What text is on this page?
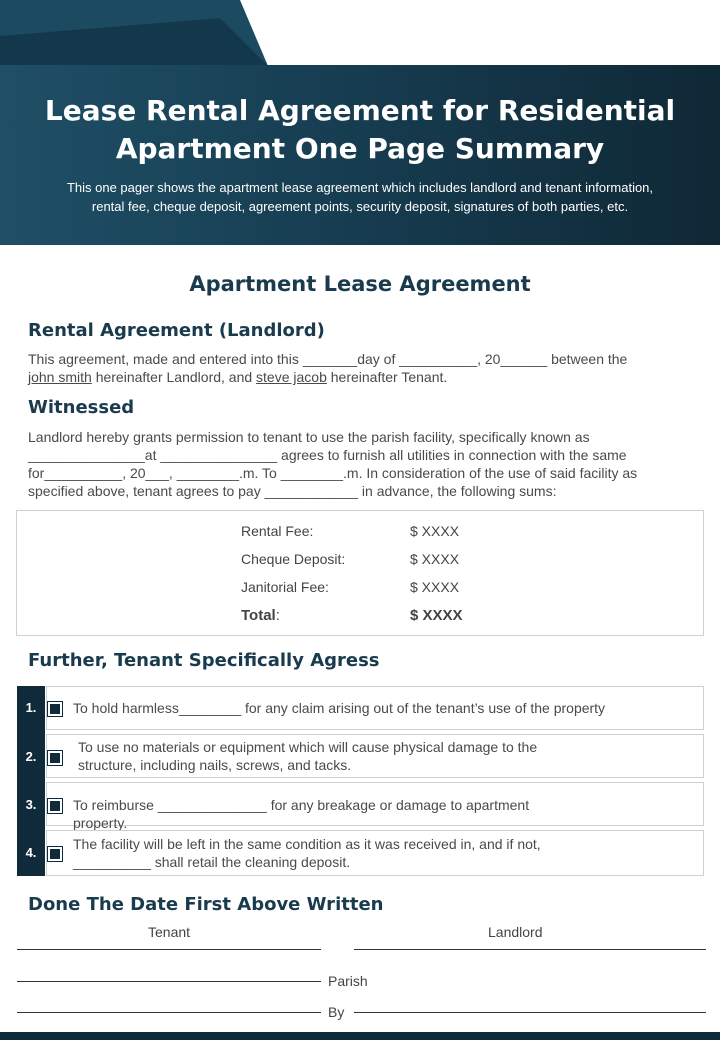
Lease Rental Agreement for Residential
Apartment One Page Summary
This one pager shows the apartment lease agreement which includes landlord and tenant information,
rental fee, cheque deposit, agreement points, security deposit, signatures of both parties, etc.
Apartment Lease Agreement
Rental Agreement (Landlord)
This agreement, made and entered into this _______day of __________, 20______ between the
john smith hereinafter Landlord, and steve jacob hereinafter Tenant.
Witnessed
Landlord hereby grants permission to tenant to use the parish facility, specifically known as
_______________at _______________ agrees to furnish all utilities in connection with the same
for__________, 20___, ________.m. To ________.m. In consideration of the use of said facility as
specified above, tenant agrees to pay ____________ in advance, the following sums:
Rental Fee:	$ XXXX
Cheque Deposit:	$ XXXX
Janitorial Fee:	$ XXXX
Total:	$ XXXX
Further, Tenant Specifically Agress
1.	To hold harmless________ for any claim arising out of the tenant’s use of the property
2.
To use no materials or equipment which will cause physical damage to the
structure, including nails, screws, and tacks.
3.	To reimburse ______________ for any breakage or damage to apartment
property.
4.
The facility will be left in the same condition as it was received in, and if not,
__________ shall retail the cleaning deposit.
Done The Date First Above Written
Tenant	Landlord
Parish
By
